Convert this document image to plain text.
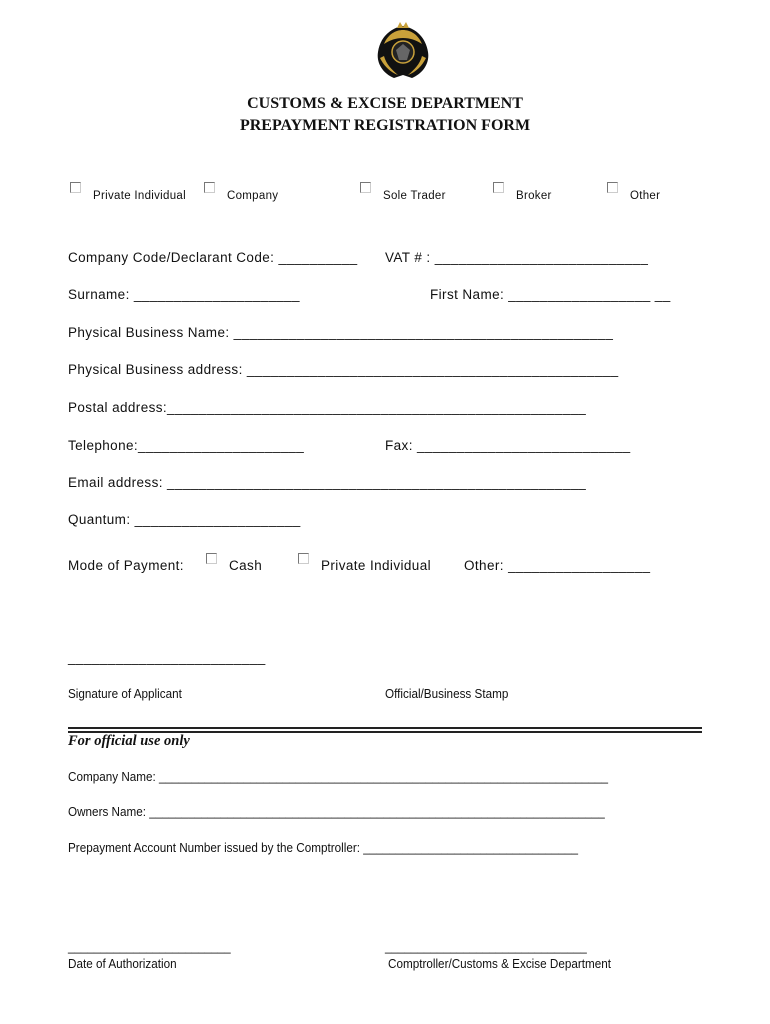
CUSTOMS & EXCISE DEPARTMENT
PREPAYMENT REGISTRATION FORM
Private Individual	Company	Sole Trader	Broker	Other
Company Code/Declarant Code: __________ VAT # : ___________________________
Surname: _____________________	First Name: __________________ __
Physical Business Name: ________________________________________________
Physical Business address: _______________________________________________
Postal address:_____________________________________________________
Telephone:_____________________	Fax: ___________________________
Email address: _____________________________________________________
Quantum: _____________________
Mode of Payment:	Cash	Private Individual Other: __________________
_________________________
Signature of Applicant	Official/Business Stamp
For official use only
Company Name: _____________________________________________________________________
Owners Name: ______________________________________________________________________
Prepayment Account Number issued by the Comptroller: _________________________________
_________________________
Date of Authorization
_______________________________
Comptroller/Customs & Excise Department
